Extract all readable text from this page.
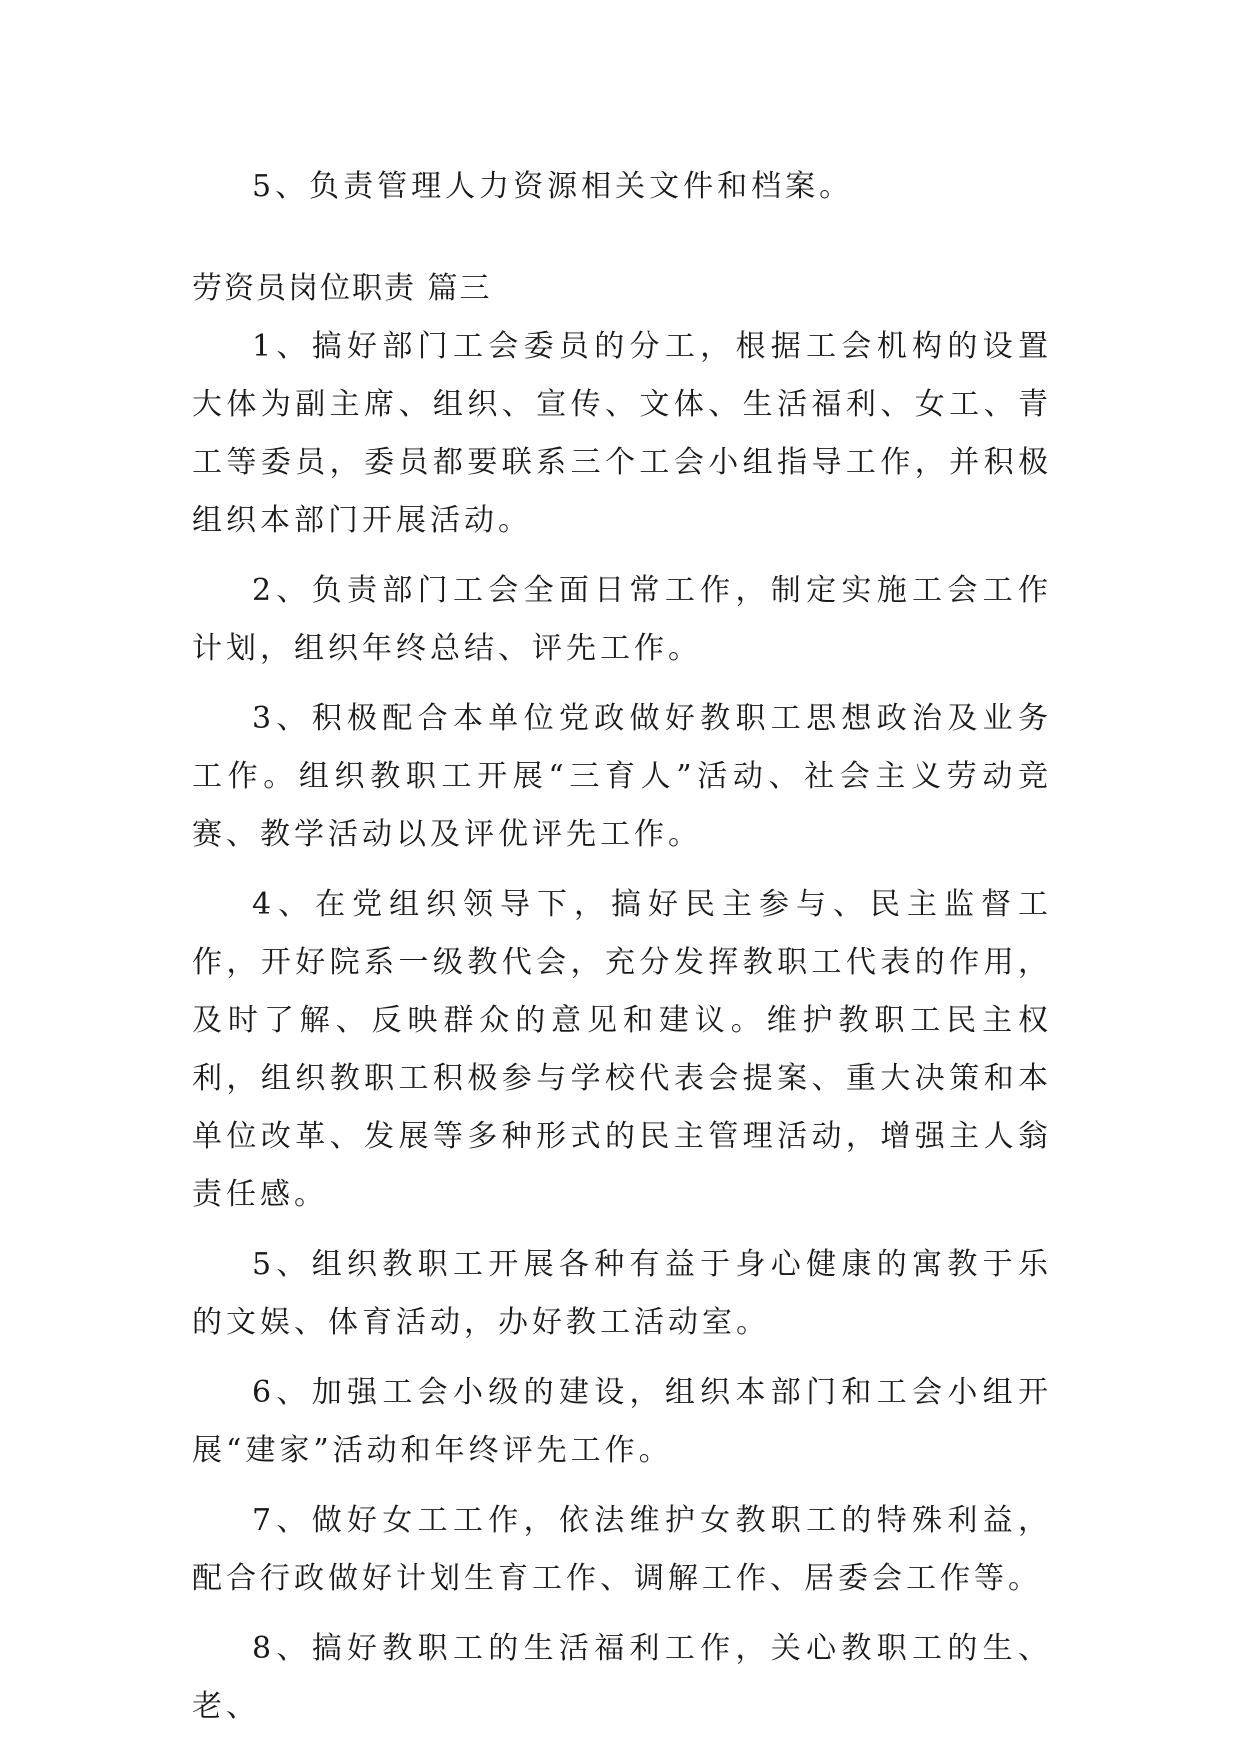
5、负责管理人力资源相关文件和档案。

劳资员岗位职责 篇三

1、搞好部门工会委员的分工，根据工会机构的设置大体为副主席、组织、宣传、文体、生活福利、女工、青工等委员，委员都要联系三个工会小组指导工作，并积极组织本部门开展活动。

2、负责部门工会全面日常工作，制定实施工会工作计划，组织年终总结、评先工作。

3、积极配合本单位党政做好教职工思想政治及业务工作。组织教职工开展“三育人”活动、社会主义劳动竞赛、教学活动以及评优评先工作。

4、在党组织领导下，搞好民主参与、民主监督工作，开好院系一级教代会，充分发挥教职工代表的作用，及时了解、反映群众的意见和建议。维护教职工民主权利，组织教职工积极参与学校代表会提案、重大决策和本单位改革、发展等多种形式的民主管理活动，增强主人翁责任感。

5、组织教职工开展各种有益于身心健康的寓教于乐的文娱、体育活动，办好教工活动室。

6、加强工会小级的建设，组织本部门和工会小组开展“建家”活动和年终评先工作。

7、做好女工工作，依法维护女教职工的特殊利益，配合行政做好计划生育工作、调解工作、居委会工作等。

8、搞好教职工的生活福利工作，关心教职工的生、老、
